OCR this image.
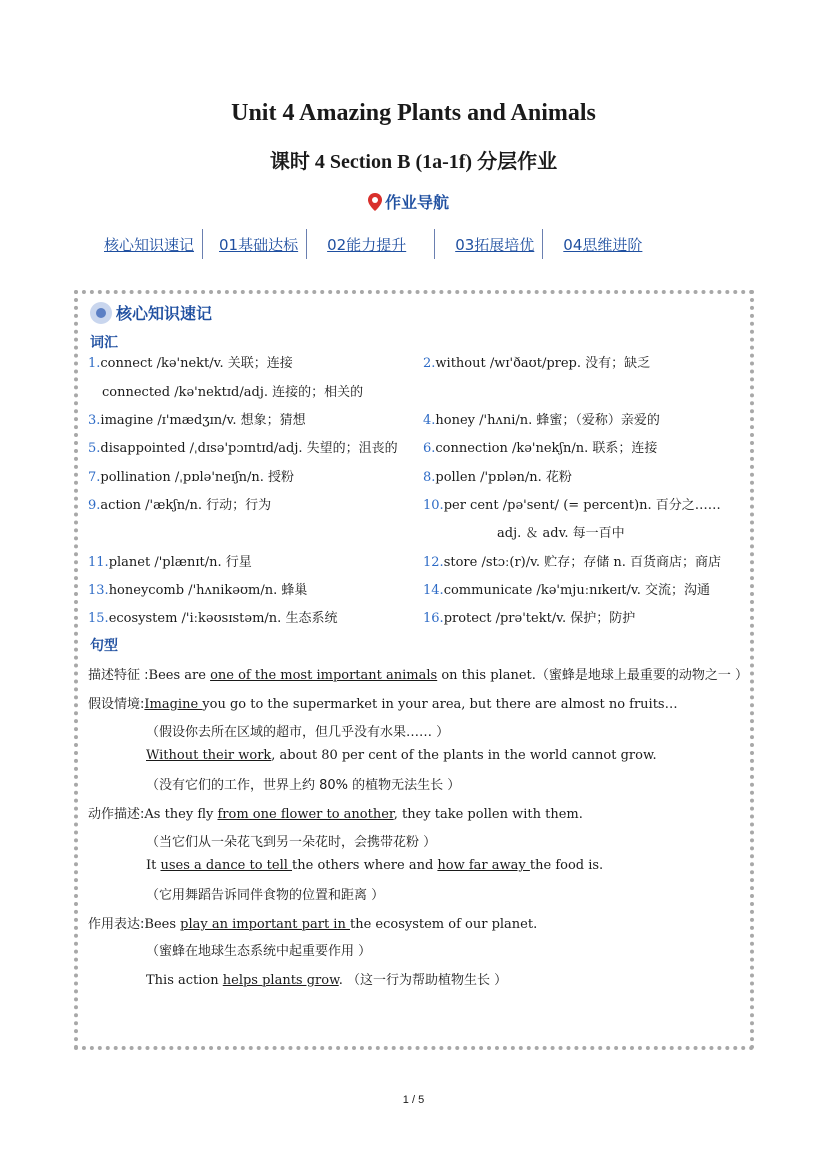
Unit 4 Amazing Plants and Animals
课时 4 Section B (1a-1f) 分层作业
作业导航
核心知识速记	01基础达标	02能力提升	03拓展培优	04思维进阶
核心知识速记
词汇
1.connect /kə'nekt/v. 关联；连接	2.without /wɪ'ðaʊt/prep. 没有；缺乏
connected /kə'nektɪd/adj. 连接的；相关的
3.imagine /ɪ'mædʒɪn/v. 想象；猜想	4.honey /'hʌni/n. 蜂蜜；（爱称）亲爱的
5.disappointed /ˌdɪsə'pɔɪntɪd/adj. 失望的；沮丧的 6.connection /kə'nekʃn/n. 联系；连接
7.pollination /ˌpɒlə'neɪʃn/n. 授粉	8.pollen /'pɒlən/n. 花粉
9.action /'ækʃn/n. 行动；行为	10.per cent /pə'sent/ (= percent)n. 百分之……
adj. ＆ adv. 每一百中
11.planet /'plænɪt/n. 行星	12.store /stɔː(r)/v. 贮存；存储 n. 百货商店；商店
13.honeycomb /'hʌnikəʊm/n. 蜂巢	14.communicate /kə'mjuːnɪkeɪt/v. 交流；沟通
15.ecosystem /'iːkəʊsɪstəm/n. 生态系统	16.protect /prə'tekt/v. 保护；防护
句型
描述特征 :Bees are one of the most important animals on this planet.（蜜蜂是地球上最重要的动物之一 ）
假设情境:Imagine you go to the supermarket in your area, but there are almost no fruits…
（假设你去所在区域的超市，但几乎没有水果…… ）
Without their work, about 80 per cent of the plants in the world cannot grow.
（没有它们的工作，世界上约 80% 的植物无法生长 ）
动作描述:As they fly from one flower to another, they take pollen with them.
（当它们从一朵花飞到另一朵花时，会携带花粉 ）
It uses a dance to tell the others where and how far away the food is.
（它用舞蹈告诉同伴食物的位置和距离 ）
作用表达:Bees play an important part in the ecosystem of our planet.
（蜜蜂在地球生态系统中起重要作用 ）
This action helps plants grow. （这一行为帮助植物生长 ）
1 / 5
